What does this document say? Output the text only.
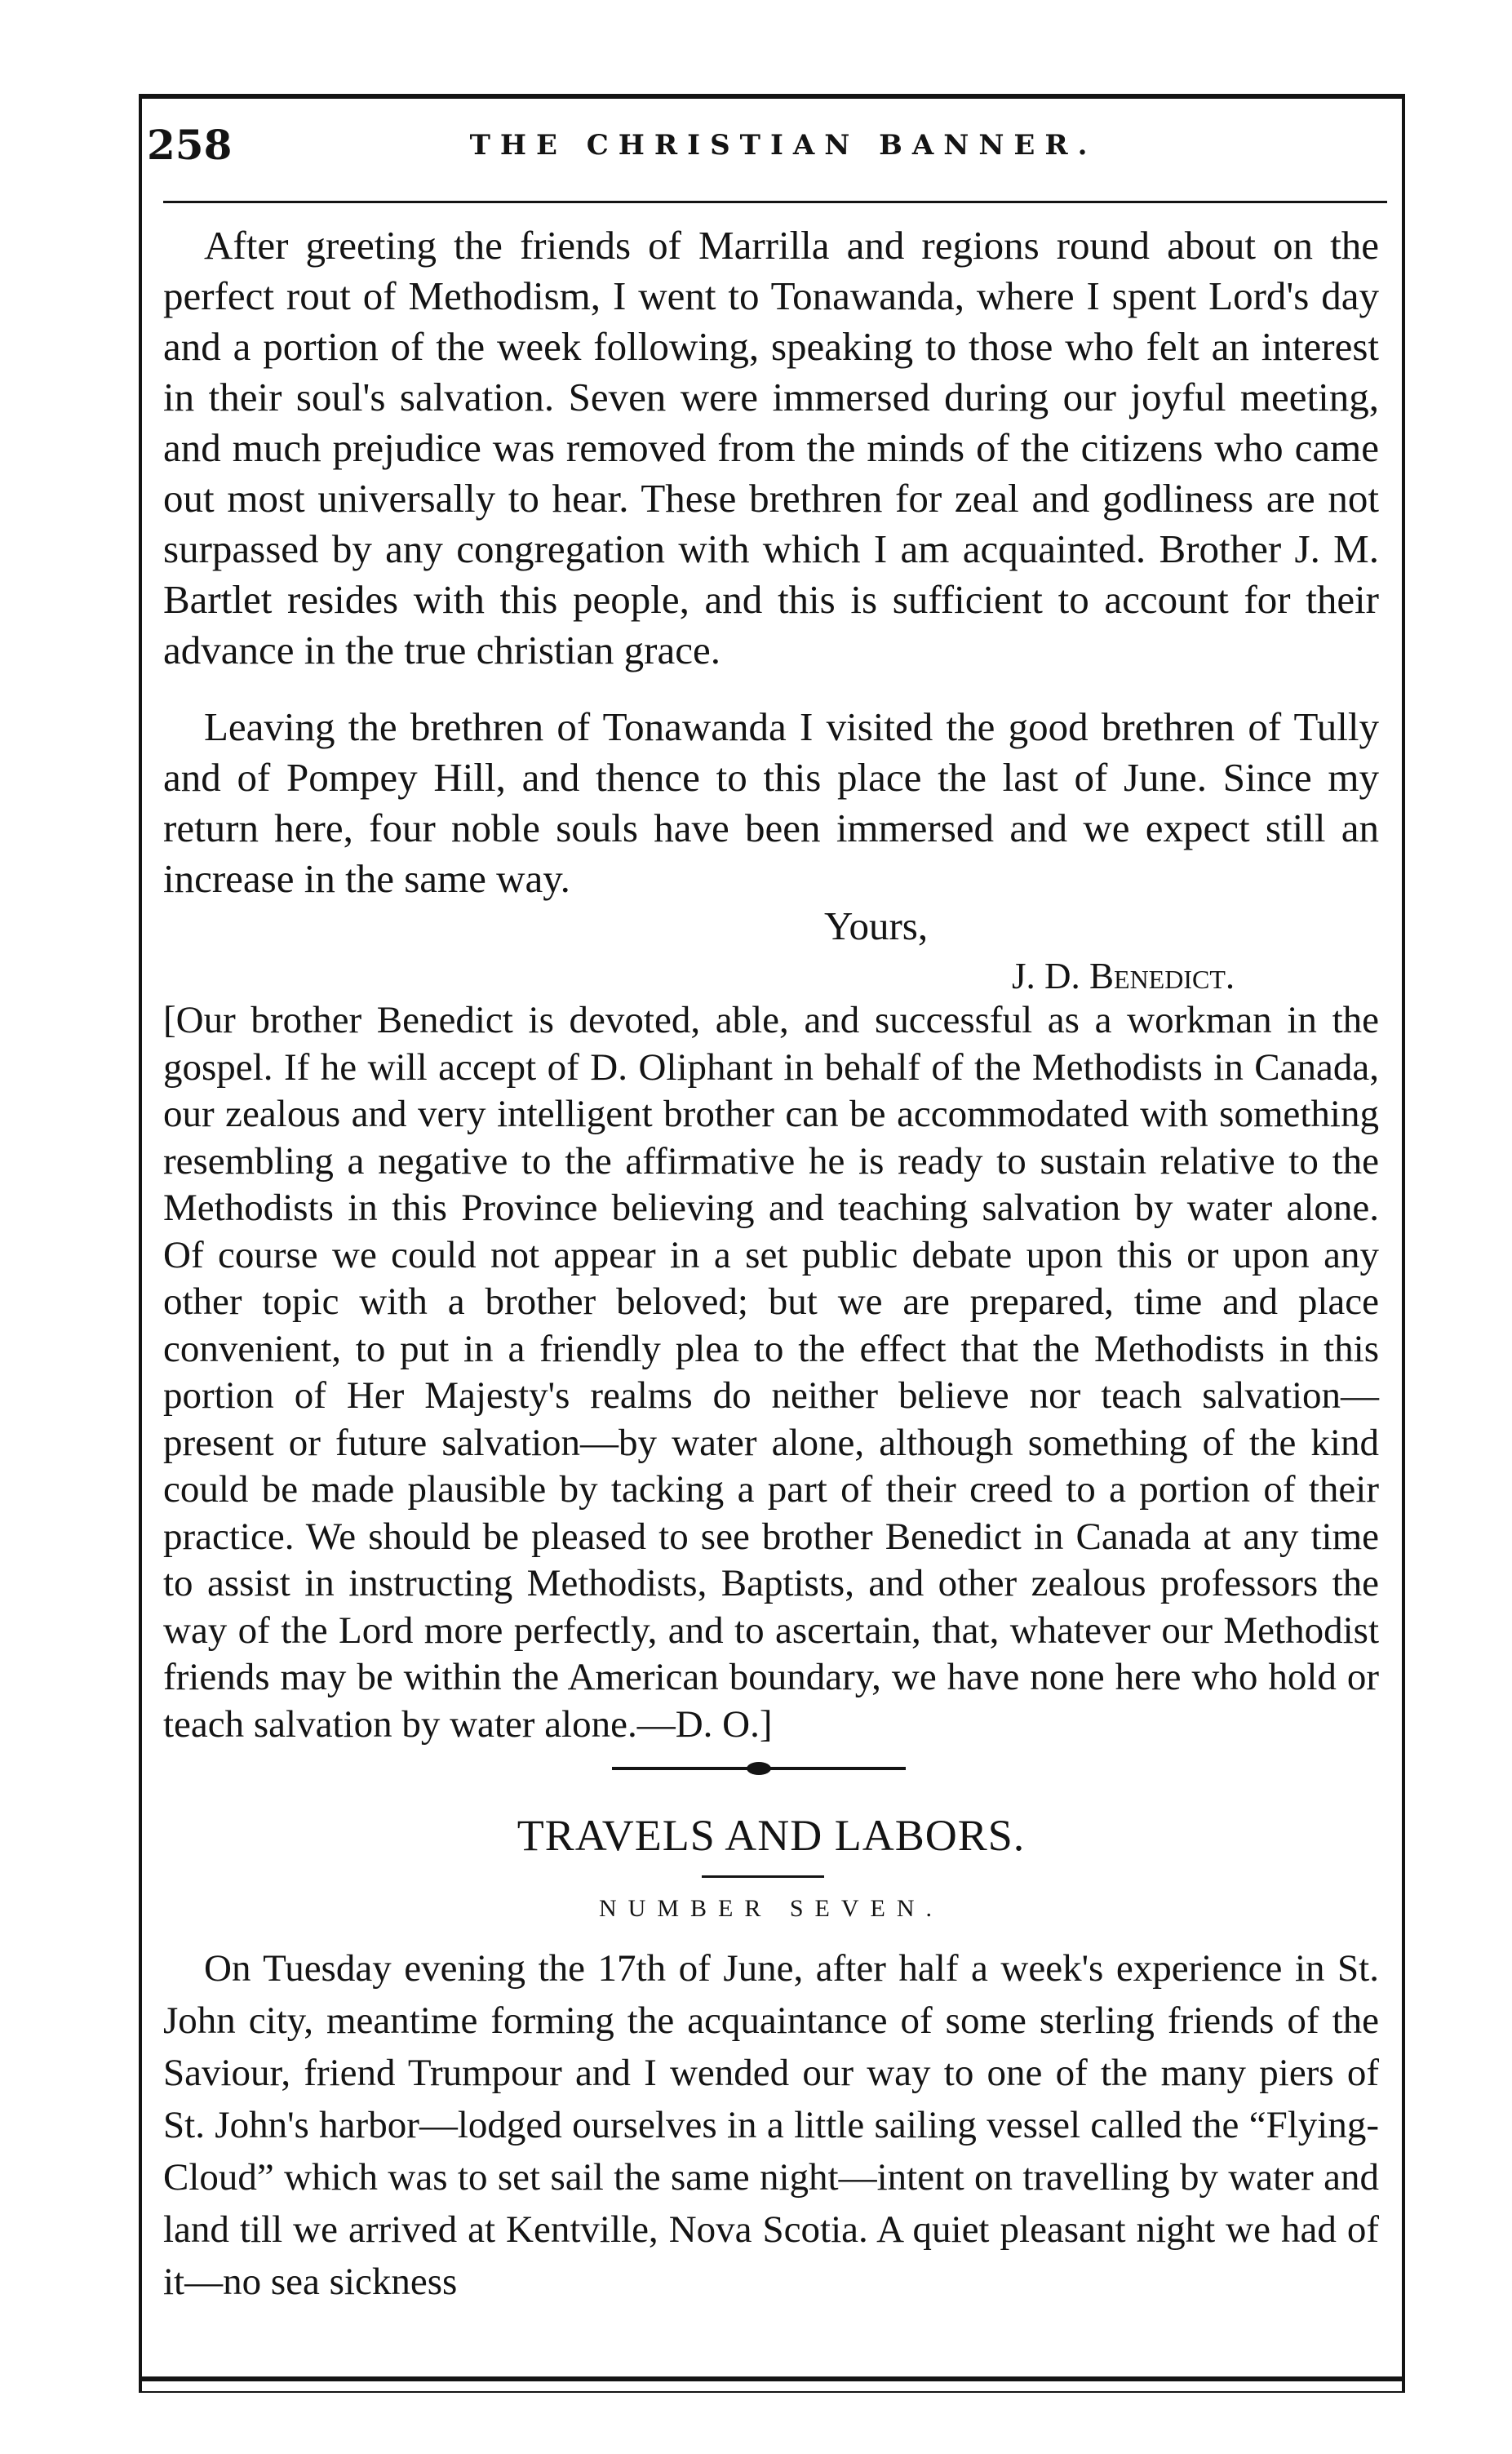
258	THE CHRISTIAN BANNER.

After greeting the friends of Marrilla and regions round about on the perfect rout of Methodism, I went to Tonawanda, where I spent Lord's day and a portion of the week following, speaking to those who felt an interest in their soul's salvation. Seven were immersed during our joyful meeting, and much prejudice was removed from the minds of the citizens who came out most universally to hear. These brethren for zeal and godliness are not surpassed by any congregation with which I am acquainted. Brother J. M. Bartlet resides with this people, and this is sufficient to account for their advance in the true christian grace.

Leaving the brethren of Tonawanda I visited the good brethren of Tully and of Pompey Hill, and thence to this place the last of June. Since my return here, four noble souls have been immersed and we expect still an increase in the same way.

Yours,
J. D. Benedict.

[Our brother Benedict is devoted, able, and successful as a workman in the gospel. If he will accept of D. Oliphant in behalf of the Methodists in Canada, our zealous and very intelligent brother can be accommodated with something resembling a negative to the affirmative he is ready to sustain relative to the Methodists in this Province believing and teaching salvation by water alone. Of course we could not appear in a set public debate upon this or upon any other topic with a brother beloved; but we are prepared, time and place convenient, to put in a friendly plea to the effect that the Methodists in this portion of Her Majesty's realms do neither believe nor teach salvation—present or future salvation—by water alone, although something of the kind could be made plausible by tacking a part of their creed to a portion of their practice. We should be pleased to see brother Benedict in Canada at any time to assist in instructing Methodists, Baptists, and other zealous professors the way of the Lord more perfectly, and to ascertain, that, whatever our Methodist friends may be within the American boundary, we have none here who hold or teach salvation by water alone.—D. O.]

TRAVELS AND LABORS.
NUMBER SEVEN.

On Tuesday evening the 17th of June, after half a week's experience in St. John city, meantime forming the acquaintance of some sterling friends of the Saviour, friend Trumpour and I wended our way to one of the many piers of St. John's harbor—lodged ourselves in a little sailing vessel called the “Flying-Cloud” which was to set sail the same night—intent on travelling by water and land till we arrived at Kentville, Nova Scotia. A quiet pleasant night we had of it—no sea sickness
